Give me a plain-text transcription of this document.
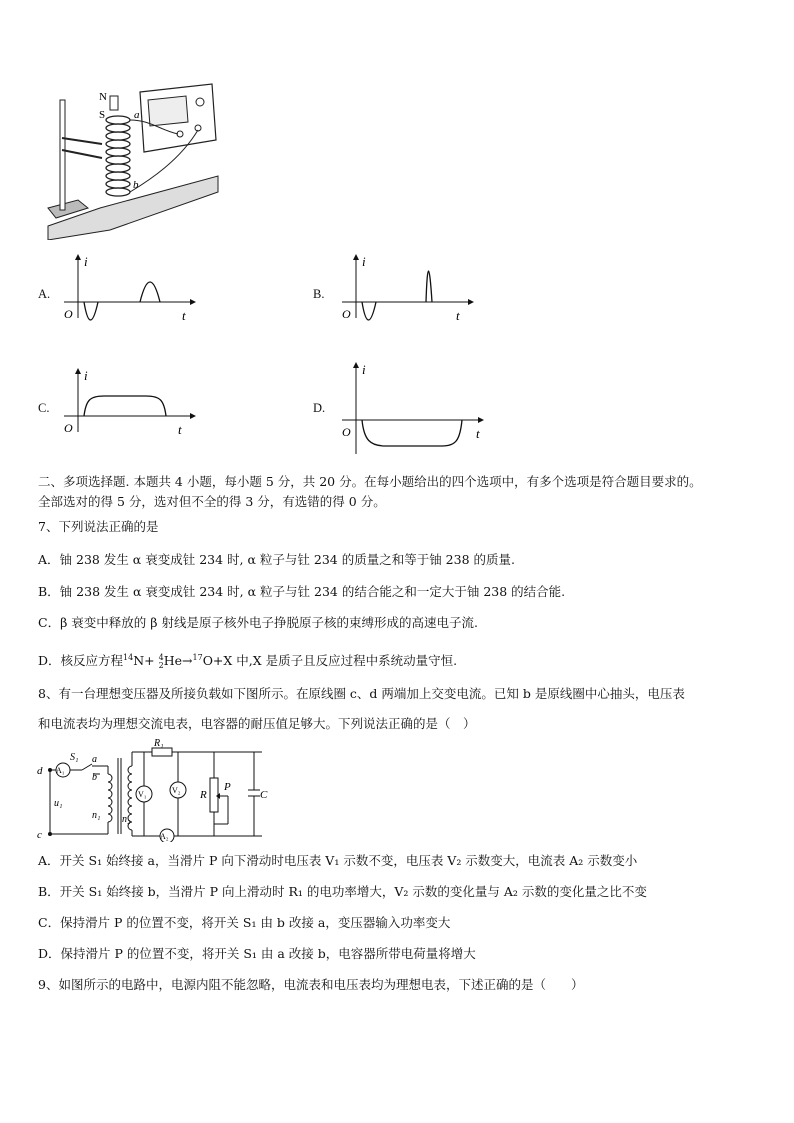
N
S	a
b
A.
i
t
O
B.
i
t
O
C.
i
t
O
D.
i
t
O
二、多项选择题. 本题共 4 小题，每小题 5 分，共 20 分。在每小题给出的四个选项中，有多个选项是符合题目要求的。
全部选对的得 5 分，选对但不全的得 3 分，有选错的得 0 分。
7、下列说法正确的是
A．铀 238 发生 α 衰变成钍 234 时, α 粒子与钍 234 的质量之和等于铀 238 的质量.
B．铀 238 发生 α 衰变成钍 234 时, α 粒子与钍 234 的结合能之和一定大于铀 238 的结合能.
C．β 衰变中释放的 β 射线是原子核外电子挣脱原子核的束缚形成的高速电子流.
D．核反应方程$^{14}$N+ 4
2 He→$^{17}$O+X 中,X 是质子且反应过程中系统动量守恒.
8、有一台理想变压器及所接负载如下图所示。在原线圈 c、d 两端加上交变电流。已知 b 是原线圈中心抽头，电压表
和电流表均为理想交流电表，电容器的耐压值足够大。下列说法正确的是（　）
d
c
A₁
S₁ a
b
u₁
n₁ n₂
R₁
V₁	V₂
A₂
R
P
C
A．开关 S₁ 始终接 a，当滑片 P 向下滑动时电压表 V₁ 示数不变，电压表 V₂ 示数变大，电流表 A₂ 示数变小
B．开关 S₁ 始终接 b，当滑片 P 向上滑动时 R₁ 的电功率增大，V₂ 示数的变化量与 A₂ 示数的变化量之比不变
C．保持滑片 P 的位置不变，将开关 S₁ 由 b 改接 a，变压器输入功率变大
D．保持滑片 P 的位置不变，将开关 S₁ 由 a 改接 b，电容器所带电荷量将增大
9、如图所示的电路中，电源内阻不能忽略，电流表和电压表均为理想电表，下述正确的是（　　）
